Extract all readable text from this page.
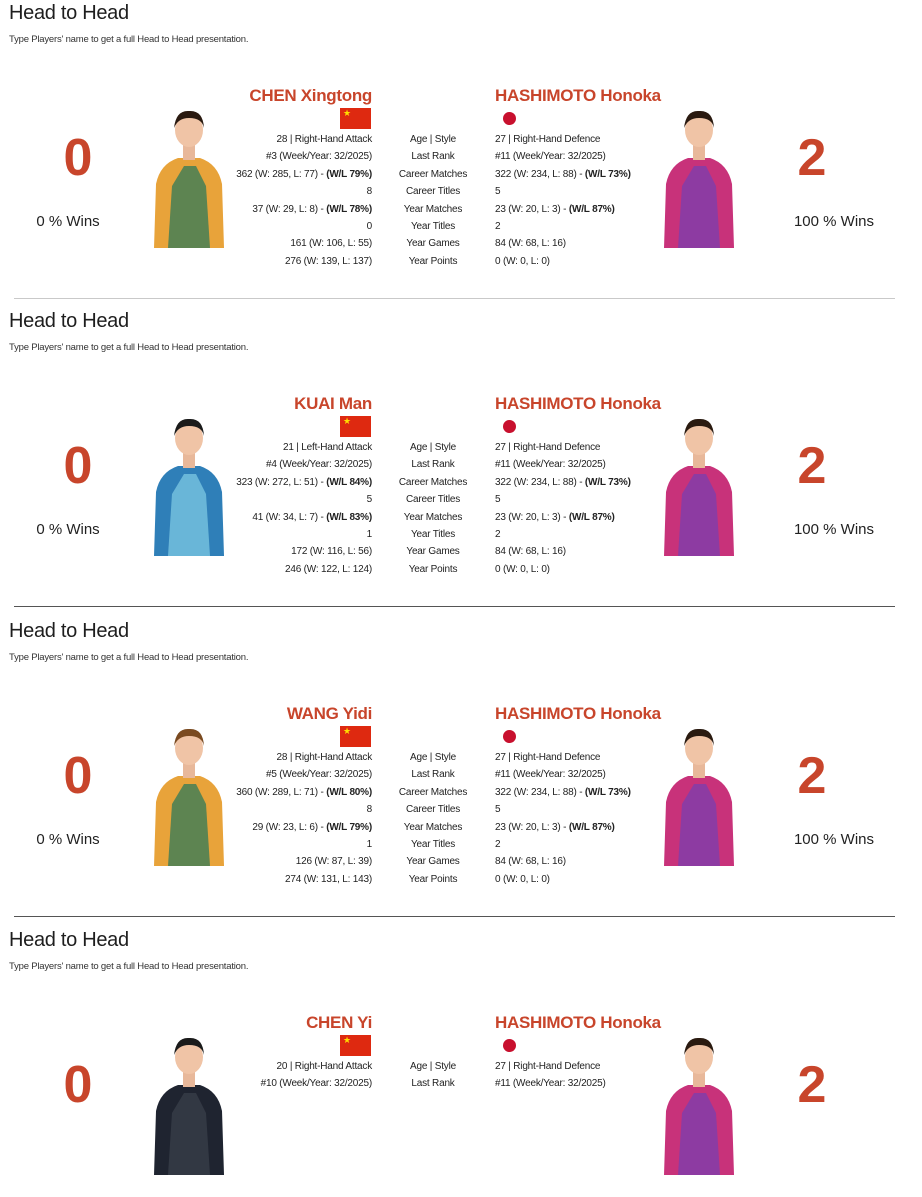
Head to Head
Type Players' name to get a full Head to Head presentation.
0
0 % Wins
CHEN Xingtong
★
28 | Right-Hand Attack
#3 (Week/Year: 32/2025)
362 (W: 285, L: 77) - (W/L 79%)
8
37 (W: 29, L: 8) - (W/L 78%)
0
161 (W: 106, L: 55)
276 (W: 139, L: 137)
Age | Style
Last Rank
Career Matches
Career Titles
Year Matches
Year Titles
Year Games
Year Points
27 | Right-Hand Defence
#11 (Week/Year: 32/2025)
322 (W: 234, L: 88) - (W/L 73%)
5
23 (W: 20, L: 3) - (W/L 87%)
2
84 (W: 68, L: 16)
0 (W: 0, L: 0)
HASHIMOTO Honoka
2
100 % Wins
Head to Head
Type Players' name to get a full Head to Head presentation.
0
0 % Wins
KUAI Man
★
21 | Left-Hand Attack
#4 (Week/Year: 32/2025)
323 (W: 272, L: 51) - (W/L 84%)
5
41 (W: 34, L: 7) - (W/L 83%)
1
172 (W: 116, L: 56)
246 (W: 122, L: 124)
Age | Style
Last Rank
Career Matches
Career Titles
Year Matches
Year Titles
Year Games
Year Points
27 | Right-Hand Defence
#11 (Week/Year: 32/2025)
322 (W: 234, L: 88) - (W/L 73%)
5
23 (W: 20, L: 3) - (W/L 87%)
2
84 (W: 68, L: 16)
0 (W: 0, L: 0)
HASHIMOTO Honoka
2
100 % Wins
Head to Head
Type Players' name to get a full Head to Head presentation.
0
0 % Wins
WANG Yidi
★
28 | Right-Hand Attack
#5 (Week/Year: 32/2025)
360 (W: 289, L: 71) - (W/L 80%)
8
29 (W: 23, L: 6) - (W/L 79%)
1
126 (W: 87, L: 39)
274 (W: 131, L: 143)
Age | Style
Last Rank
Career Matches
Career Titles
Year Matches
Year Titles
Year Games
Year Points
27 | Right-Hand Defence
#11 (Week/Year: 32/2025)
322 (W: 234, L: 88) - (W/L 73%)
5
23 (W: 20, L: 3) - (W/L 87%)
2
84 (W: 68, L: 16)
0 (W: 0, L: 0)
HASHIMOTO Honoka
2
100 % Wins
Head to Head
Type Players' name to get a full Head to Head presentation.
0
CHEN Yi
★
20 | Right-Hand Attack
#10 (Week/Year: 32/2025)
Age | Style
Last Rank
27 | Right-Hand Defence
#11 (Week/Year: 32/2025)
HASHIMOTO Honoka
2
